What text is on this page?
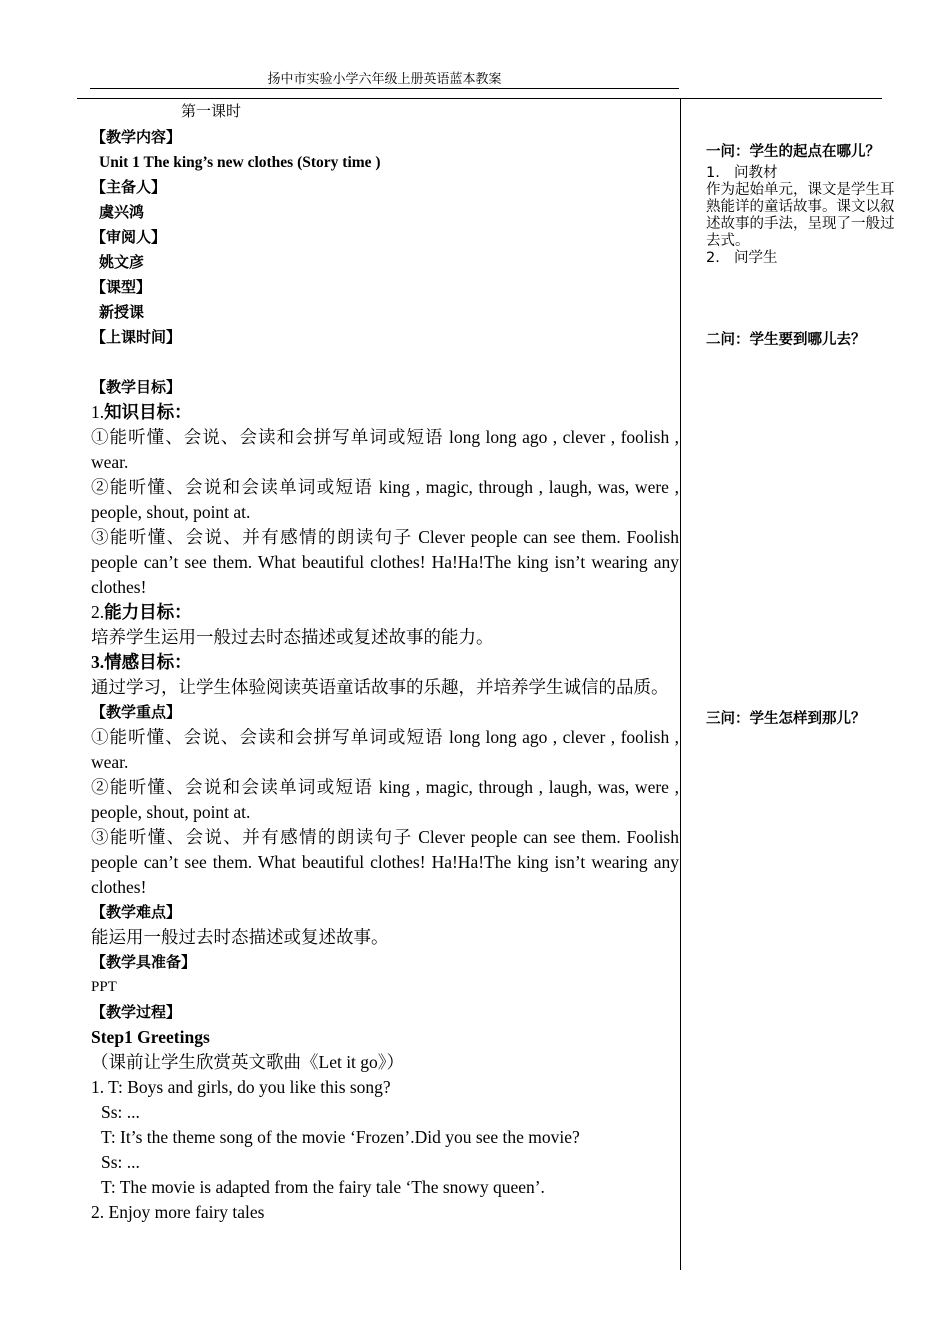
扬中市实验小学六年级上册英语蓝本教案

第一课时

【教学内容】

Unit 1 The king’s new clothes (Story time )

【主备人】

虞兴鸿

【审阅人】

姚文彦

【课型】

新授课

【上课时间】

【教学目标】

1.知识目标：

①能听懂、会说、会读和会拼写单词或短语 long long ago , clever , foolish , wear.

②能听懂、会说和会读单词或短语 king , magic, through , laugh, was, were , people, shout, point at.

③能听懂、会说、并有感情的朗读句子 Clever people can see them. Foolish people can’t see them. What beautiful clothes! Ha!Ha!The king isn’t wearing any clothes!

2.能力目标：

培养学生运用一般过去时态描述或复述故事的能力。

3.情感目标：

通过学习，让学生体验阅读英语童话故事的乐趣，并培养学生诚信的品质。

【教学重点】

①能听懂、会说、会读和会拼写单词或短语 long long ago , clever , foolish , wear.

②能听懂、会说和会读单词或短语 king , magic, through , laugh, was, were , people, shout, point at.

③能听懂、会说、并有感情的朗读句子 Clever people can see them. Foolish people can’t see them. What beautiful clothes! Ha!Ha!The king isn’t wearing any clothes!

【教学难点】

能运用一般过去时态描述或复述故事。

【教学具准备】

PPT

【教学过程】

Step1 Greetings

（课前让学生欣赏英文歌曲《Let it go》）

1. T: Boys and girls, do you like this song?

Ss: ...

T: It’s the theme song of the movie ‘Frozen’.Did you see the movie?

Ss: ...

T: The movie is adapted from the fairy tale ‘The snowy queen’.

2. Enjoy more fairy tales

一问：学生的起点在哪儿？

1. 问教材

作为起始单元，课文是学生耳熟能详的童话故事。课文以叙述故事的手法，呈现了一般过去式。

2. 问学生

二问：学生要到哪儿去？

三问：学生怎样到那儿？
